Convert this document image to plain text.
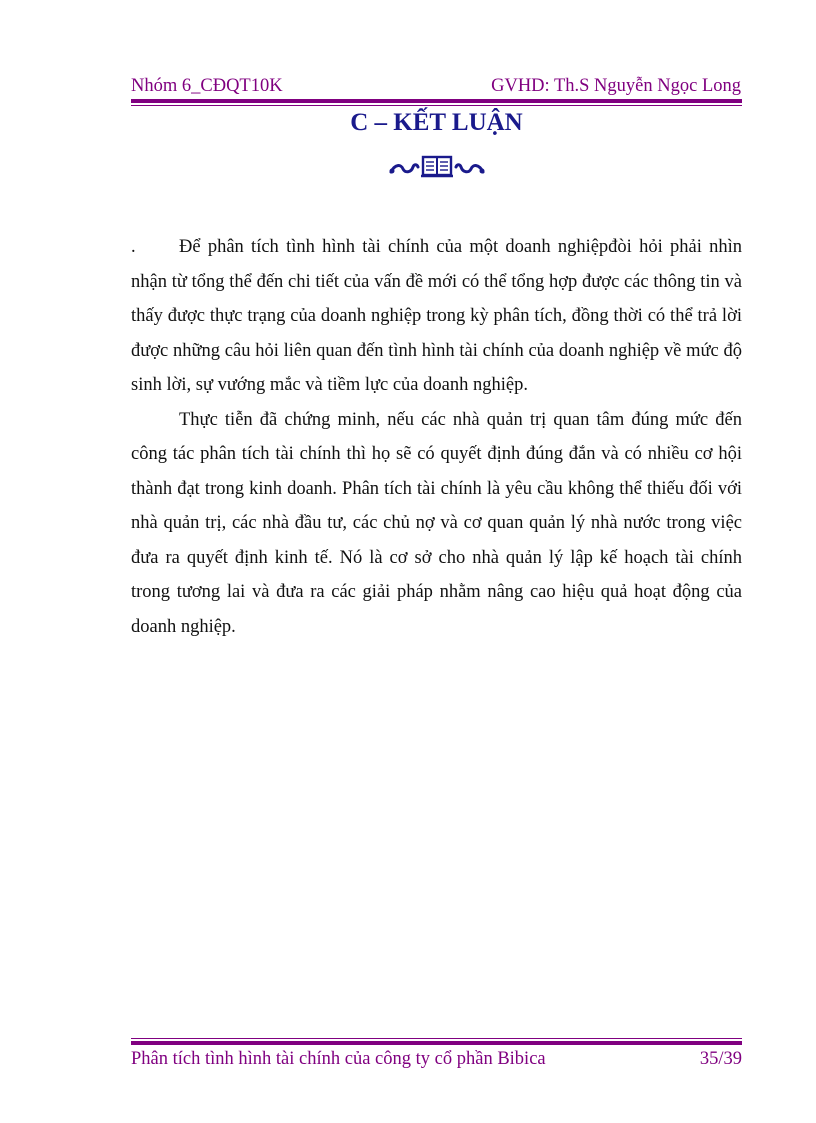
Nhóm 6_CĐQT10K	GVHD: Th.S Nguyễn Ngọc Long
C – KẾT LUẬN

. Để phân tích tình hình tài chính của một doanh nghiệpđòi hỏi phải nhìn nhận từ tổng thể đến chi tiết của vấn đề mới có thể tổng hợp được các thông tin và thấy được thực trạng của doanh nghiệp trong kỳ phân tích, đồng thời có thể trả lời được những câu hỏi liên quan đến tình hình tài chính của doanh nghiệp về mức độ sinh lời, sự vướng mắc và tiềm lực của doanh nghiệp.

Thực tiễn đã chứng minh, nếu các nhà quản trị quan tâm đúng mức đến công tác phân tích tài chính thì họ sẽ có quyết định đúng đắn và có nhiều cơ hội thành đạt trong kinh doanh. Phân tích tài chính là yêu cầu không thể thiếu đối với nhà quản trị, các nhà đầu tư, các chủ nợ và cơ quan quản lý nhà nước trong việc đưa ra quyết định kinh tế. Nó là cơ sở cho nhà quản lý lập kế hoạch tài chính trong tương lai và đưa ra các giải pháp nhằm nâng cao hiệu quả hoạt động của doanh nghiệp.

Phân tích tình hình tài chính của công ty cổ phần Bibica	35/39
